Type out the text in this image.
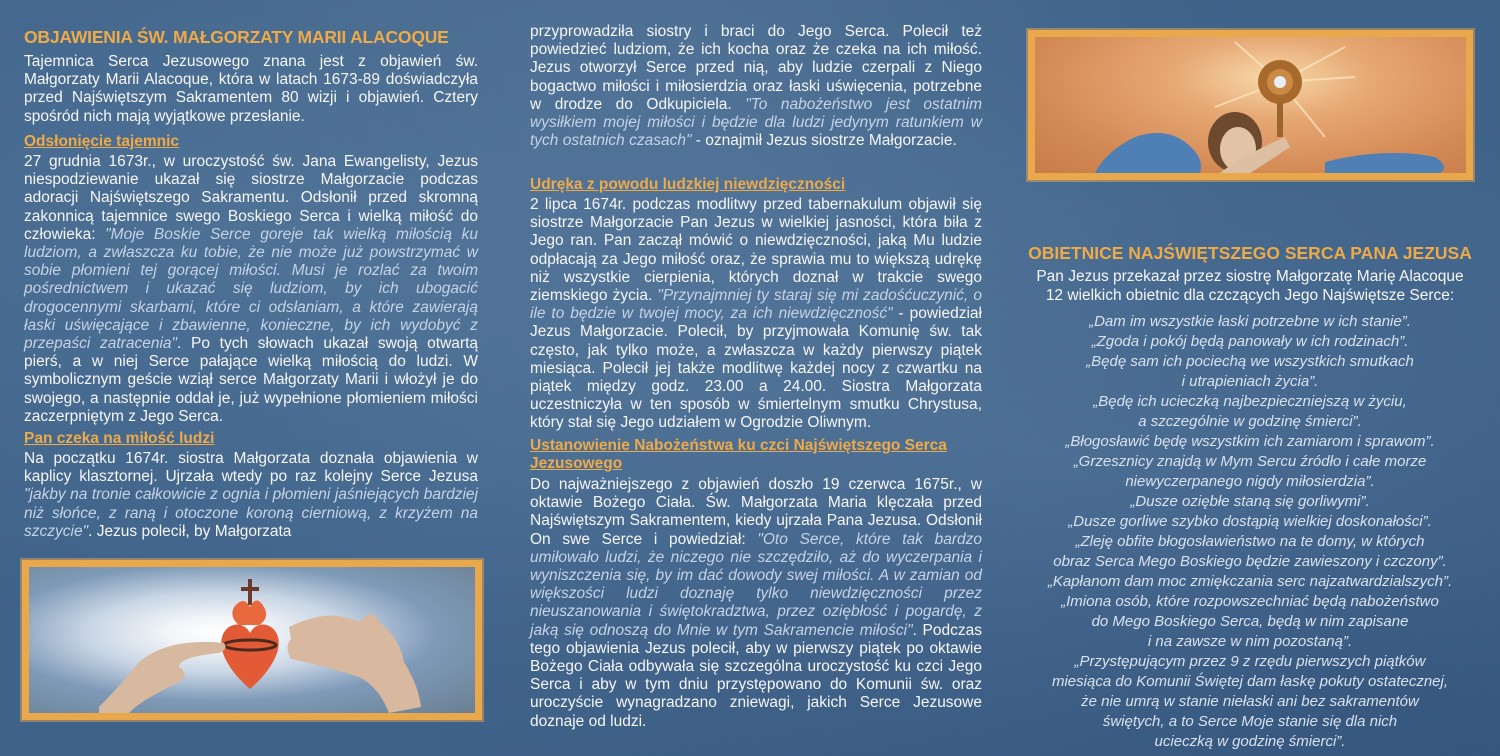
OBJAWIENIA ŚW. MAŁGORZATY MARII ALACOQUE

Tajemnica Serca Jezusowego znana jest z objawień św. Małgorzaty Marii Alacoque, która w latach 1673-89 doświadczyła przed Najświętszym Sakramentem 80 wizji i objawień. Cztery spośród nich mają wyjątkowe przesłanie.

Odsłonięcie tajemnic

27 grudnia 1673r., w uroczystość św. Jana Ewangelisty, Jezus niespodziewanie ukazał się siostrze Małgorzacie podczas adoracji Najświętszego Sakramentu. Odsłonił przed skromną zakonnicą tajemnice swego Boskiego Serca i wielką miłość do człowieka: "Moje Boskie Serce goreje tak wielką miłością ku ludziom, a zwłaszcza ku tobie, że nie może już powstrzymać w sobie płomieni tej gorącej miłości. Musi je rozlać za twoim pośrednictwem i ukazać się ludziom, by ich ubogacić drogocennymi skarbami, które ci odsłaniam, a które zawierają łaski uświęcające i zbawienne, konieczne, by ich wydobyć z przepaści zatracenia". Po tych słowach ukazał swoją otwartą pierś, a w niej Serce pałające wielką miłością do ludzi. W symbolicznym geście wziął serce Małgorzaty Marii i włożył je do swojego, a następnie oddał je, już wypełnione płomieniem miłości zaczerpniętym z Jego Serca.

Pan czeka na miłość ludzi

Na początku 1674r. siostra Małgorzata doznała objawienia w kaplicy klasztornej. Ujrzała wtedy po raz kolejny Serce Jezusa "jakby na tronie całkowicie z ognia i płomieni jaśniejących bardziej niż słońce, z raną i otoczone koroną cierniową, z krzyżem na szczycie". Jezus polecił, by Małgorzata

przyprowadziła siostry i braci do Jego Serca. Polecił też powiedzieć ludziom, że ich kocha oraz że czeka na ich miłość. Jezus otworzył Serce przed nią, aby ludzie czerpali z Niego bogactwo miłości i miłosierdzia oraz łaski uświęcenia, potrzebne w drodze do Odkupiciela. "To nabożeństwo jest ostatnim wysiłkiem mojej miłości i będzie dla ludzi jedynym ratunkiem w tych ostatnich czasach" - oznajmił Jezus siostrze Małgorzacie.

Udręka z powodu ludzkiej niewdzięczności

2 lipca 1674r. podczas modlitwy przed tabernakulum objawił się siostrze Małgorzacie Pan Jezus w wielkiej jasności, która biła z Jego ran. Pan zaczął mówić o niewdzięczności, jaką Mu ludzie odpłacają za Jego miłość oraz, że sprawia mu to większą udrękę niż wszystkie cierpienia, których doznał w trakcie swego ziemskiego życia. "Przynajmniej ty staraj się mi zadośćuczynić, o ile to będzie w twojej mocy, za ich niewdzięczność" - powiedział Jezus Małgorzacie. Polecił, by przyjmowała Komunię św. tak często, jak tylko może, a zwłaszcza w każdy pierwszy piątek miesiąca. Polecił jej także modlitwę każdej nocy z czwartku na piątek między godz. 23.00 a 24.00. Siostra Małgorzata uczestniczyła w ten sposób w śmiertelnym smutku Chrystusa, który stał się Jego udziałem w Ogrodzie Oliwnym.

Ustanowienie Nabożeństwa ku czci Najświętszego Serca Jezusowego

Do najważniejszego z objawień doszło 19 czerwca 1675r., w oktawie Bożego Ciała. Św. Małgorzata Maria klęczała przed Najświętszym Sakramentem, kiedy ujrzała Pana Jezusa. Odsłonił On swe Serce i powiedział: "Oto Serce, które tak bardzo umiłowało ludzi, że niczego nie szczędziło, aż do wyczerpania i wyniszczenia się, by im dać dowody swej miłości. A w zamian od większości ludzi doznaję tylko niewdzięczności przez nieuszanowania i świętokradztwa, przez oziębłość i pogardę, z jaką się odnoszą do Mnie w tym Sakramencie miłości". Podczas tego objawienia Jezus polecił, aby w pierwszy piątek po oktawie Bożego Ciała odbywała się szczególna uroczystość ku czci Jego Serca i aby w tym dniu przystępowano do Komunii św. oraz uroczyście wynagradzano zniewagi, jakich Serce Jezusowe doznaje od ludzi.

OBIETNICE NAJŚWIĘTSZEGO SERCA PANA JEZUSA
Pan Jezus przekazał przez siostrę Małgorzatę Marię Alacoque
12 wielkich obietnic dla czczących Jego Najświętsze Serce:
„Dam im wszystkie łaski potrzebne w ich stanie”.
„Zgoda i pokój będą panowały w ich rodzinach”.
„Będę sam ich pociechą we wszystkich smutkach
i utrapieniach życia”.
„Będę ich ucieczką najbezpieczniejszą w życiu,
a szczególnie w godzinę śmierci”.
„Błogosławić będę wszystkim ich zamiarom i sprawom”.
„Grzesznicy znajdą w Mym Sercu źródło i całe morze
niewyczerpanego nigdy miłosierdzia”.
„Dusze oziębłe staną się gorliwymi”.
„Dusze gorliwe szybko dostąpią wielkiej doskonałości”.
„Zleję obfite błogosławieństwo na te domy, w których
obraz Serca Mego Boskiego będzie zawieszony i czczony”.
„Kapłanom dam moc zmiękczania serc najzatwardzialszych”.
„Imiona osób, które rozpowszechniać będą nabożeństwo
do Mego Boskiego Serca, będą w nim zapisane
i na zawsze w nim pozostaną”.
„Przystępującym przez 9 z rzędu pierwszych piątków
miesiąca do Komunii Świętej dam łaskę pokuty ostatecznej,
że nie umrą w stanie niełaski ani bez sakramentów
świętych, a to Serce Moje stanie się dla nich
ucieczką w godzinę śmierci”.
